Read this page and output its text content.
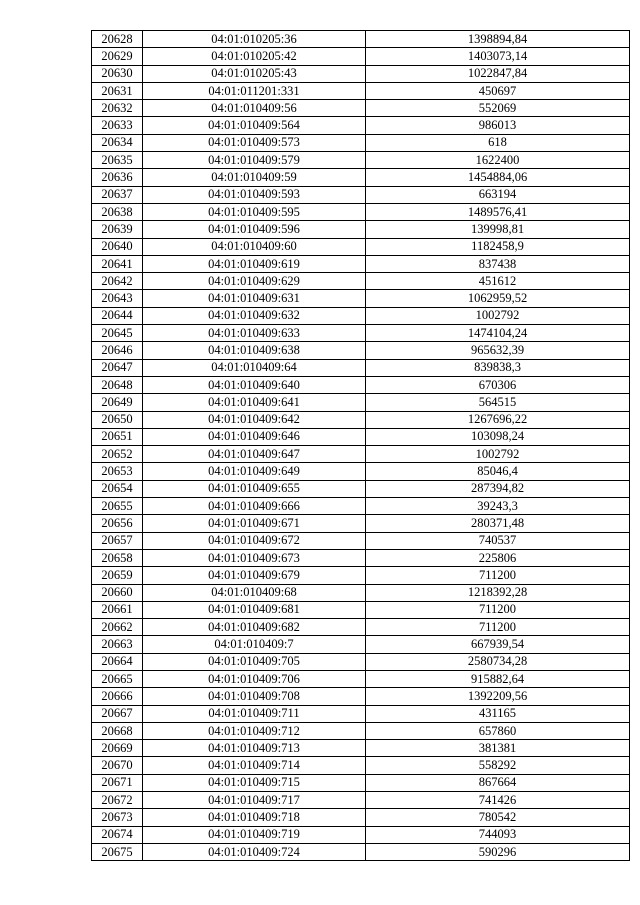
20628	04:01:010205:36	1398894,84
20629	04:01:010205:42	1403073,14
20630	04:01:010205:43	1022847,84
20631	04:01:011201:331	450697
20632	04:01:010409:56	552069
20633	04:01:010409:564	986013
20634	04:01:010409:573	618
20635	04:01:010409:579	1622400
20636	04:01:010409:59	1454884,06
20637	04:01:010409:593	663194
20638	04:01:010409:595	1489576,41
20639	04:01:010409:596	139998,81
20640	04:01:010409:60	1182458,9
20641	04:01:010409:619	837438
20642	04:01:010409:629	451612
20643	04:01:010409:631	1062959,52
20644	04:01:010409:632	1002792
20645	04:01:010409:633	1474104,24
20646	04:01:010409:638	965632,39
20647	04:01:010409:64	839838,3
20648	04:01:010409:640	670306
20649	04:01:010409:641	564515
20650	04:01:010409:642	1267696,22
20651	04:01:010409:646	103098,24
20652	04:01:010409:647	1002792
20653	04:01:010409:649	85046,4
20654	04:01:010409:655	287394,82
20655	04:01:010409:666	39243,3
20656	04:01:010409:671	280371,48
20657	04:01:010409:672	740537
20658	04:01:010409:673	225806
20659	04:01:010409:679	711200
20660	04:01:010409:68	1218392,28
20661	04:01:010409:681	711200
20662	04:01:010409:682	711200
20663	04:01:010409:7	667939,54
20664	04:01:010409:705	2580734,28
20665	04:01:010409:706	915882,64
20666	04:01:010409:708	1392209,56
20667	04:01:010409:711	431165
20668	04:01:010409:712	657860
20669	04:01:010409:713	381381
20670	04:01:010409:714	558292
20671	04:01:010409:715	867664
20672	04:01:010409:717	741426
20673	04:01:010409:718	780542
20674	04:01:010409:719	744093
20675	04:01:010409:724	590296
